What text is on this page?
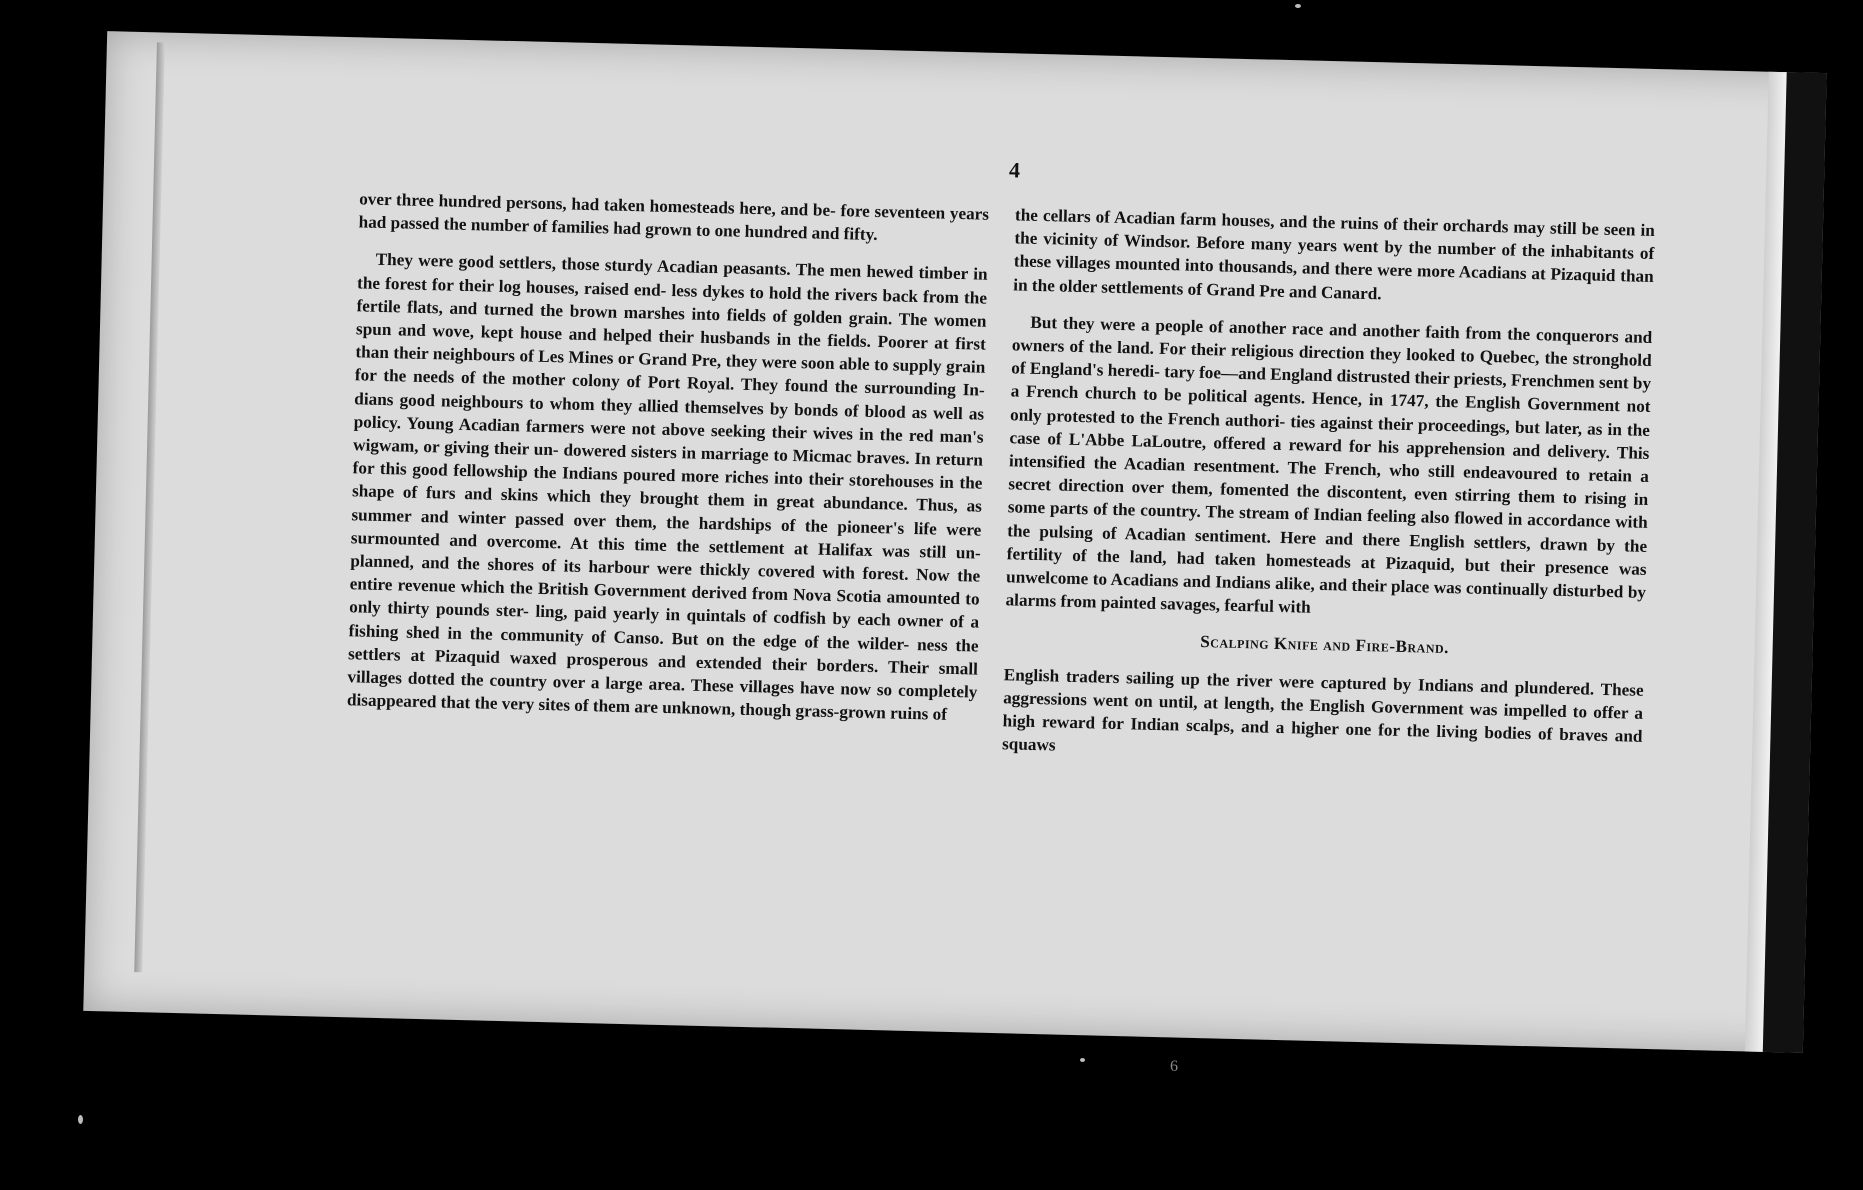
4

over three hundred persons, had taken homesteads here, and be- fore seventeen years had passed the number of families had grown to one hundred and fifty.

They were good settlers, those sturdy Acadian peasants. The men hewed timber in the forest for their log houses, raised end- less dykes to hold the rivers back from the fertile flats, and turned the brown marshes into fields of golden grain. The women spun and wove, kept house and helped their husbands in the fields. Poorer at first than their neighbours of Les Mines or Grand Pre, they were soon able to supply grain for the needs of the mother colony of Port Royal. They found the surrounding In- dians good neighbours to whom they allied themselves by bonds of blood as well as policy. Young Acadian farmers were not above seeking their wives in the red man's wigwam, or giving their un- dowered sisters in marriage to Micmac braves. In return for this good fellowship the Indians poured more riches into their storehouses in the shape of furs and skins which they brought them in great abundance. Thus, as summer and winter passed over them, the hardships of the pioneer's life were surmounted and overcome. At this time the settlement at Halifax was still un- planned, and the shores of its harbour were thickly covered with forest. Now the entire revenue which the British Government derived from Nova Scotia amounted to only thirty pounds ster- ling, paid yearly in quintals of codfish by each owner of a fishing shed in the community of Canso. But on the edge of the wilder- ness the settlers at Pizaquid waxed prosperous and extended their borders. Their small villages dotted the country over a large area. These villages have now so completely disappeared that the very sites of them are unknown, though grass-grown ruins of

the cellars of Acadian farm houses, and the ruins of their orchards may still be seen in the vicinity of Windsor. Before many years went by the number of the inhabitants of these villages mounted into thousands, and there were more Acadians at Pizaquid than in the older settlements of Grand Pre and Canard.

But they were a people of another race and another faith from the conquerors and owners of the land. For their religious direction they looked to Quebec, the stronghold of England's heredi- tary foe—and England distrusted their priests, Frenchmen sent by a French church to be political agents. Hence, in 1747, the English Government not only protested to the French authori- ties against their proceedings, but later, as in the case of L'Abbe LaLoutre, offered a reward for his apprehension and delivery. This intensified the Acadian resentment. The French, who still endeavoured to retain a secret direction over them, fomented the discontent, even stirring them to rising in some parts of the country. The stream of Indian feeling also flowed in accordance with the pulsing of Acadian sentiment. Here and there English settlers, drawn by the fertility of the land, had taken homesteads at Pizaquid, but their presence was unwelcome to Acadians and Indians alike, and their place was continually disturbed by alarms from painted savages, fearful with

Scalping Knife and Fire-Brand.

English traders sailing up the river were captured by Indians and plundered. These aggressions went on until, at length, the English Government was impelled to offer a high reward for Indian scalps, and a higher one for the living bodies of braves and squaws

6
